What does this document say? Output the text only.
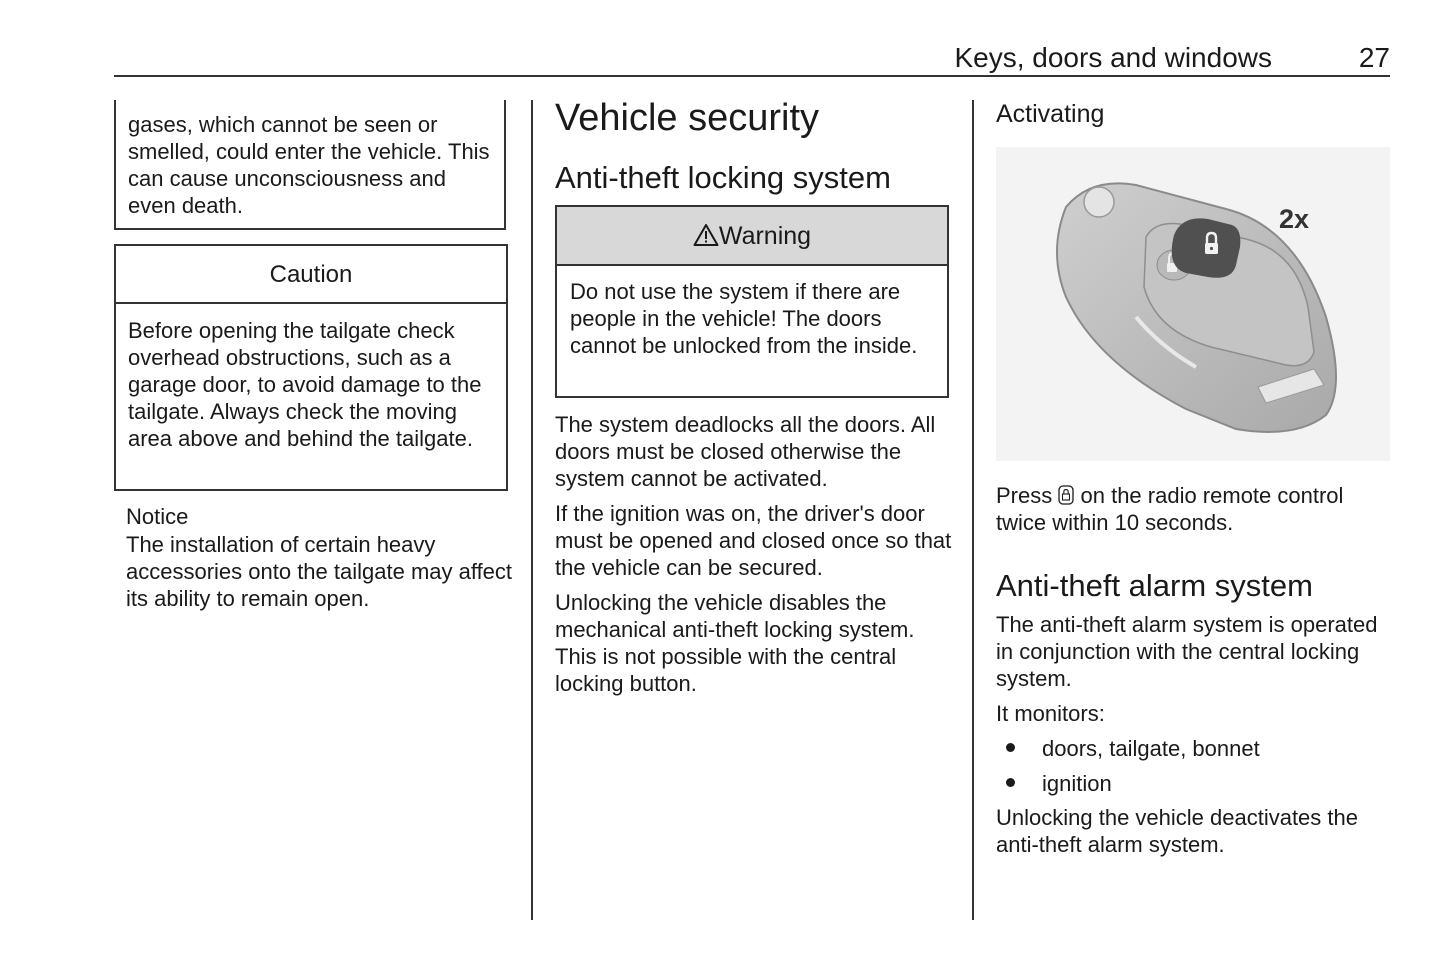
Keys, doors and windows	27

gases, which cannot be seen or smelled, could enter the vehicle. This can cause unconsciousness and even death.

Caution

Before opening the tailgate check overhead obstructions, such as a garage door, to avoid damage to the tailgate. Always check the moving area above and behind the tailgate.

Notice

The installation of certain heavy accessories onto the tailgate may affect its ability to remain open.

Vehicle security
Anti-theft locking system
Warning

Do not use the system if there are people in the vehicle! The doors cannot be unlocked from the inside.

The system deadlocks all the doors. All doors must be closed otherwise the system cannot be activated.

If the ignition was on, the driver's door must be opened and closed once so that the vehicle can be secured.

Unlocking the vehicle disables the mechanical anti-theft locking system. This is not possible with the central locking button.

Activating
2x

Press on the radio remote control twice within 10 seconds.

Anti-theft alarm system

The anti-theft alarm system is operated in conjunction with the central locking system.

It monitors:

doors, tailgate, bonnet
ignition

Unlocking the vehicle deactivates the anti-theft alarm system.
